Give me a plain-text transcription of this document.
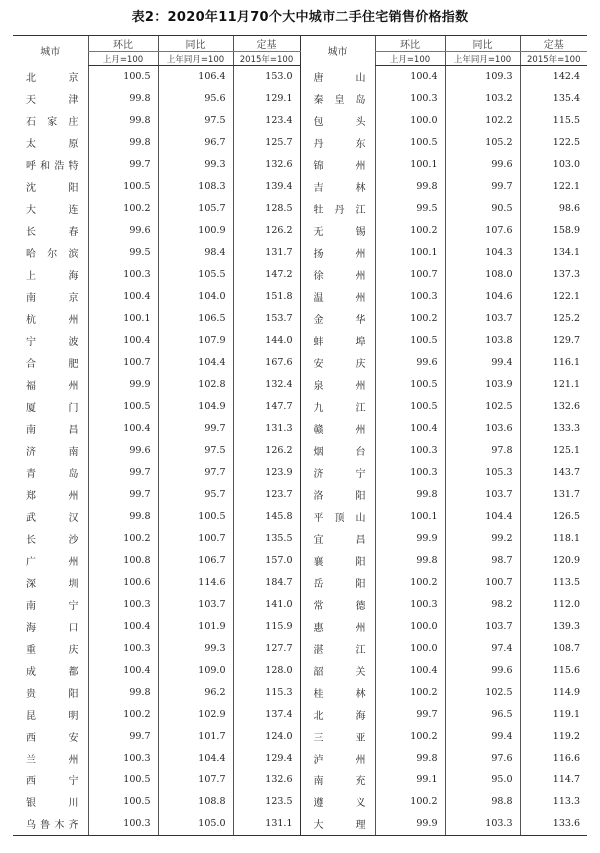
表2：2020年11月70个大中城市二手住宅销售价格指数
城市	环比	同比	定基	城市	环比	同比	定基
	上月=100	上年同月=100	2015年=100		上月=100	上年同月=100	2015年=100
北京	100.5	106.4	153.0	唐山	100.4	109.3	142.4
天津	99.8	95.6	129.1	秦皇岛	100.3	103.2	135.4
石家庄	99.8	97.5	123.4	包头	100.0	102.2	115.5
太原	99.8	96.7	125.7	丹东	100.5	105.2	122.5
呼和浩特	99.7	99.3	132.6	锦州	100.1	99.6	103.0
沈阳	100.5	108.3	139.4	吉林	99.8	99.7	122.1
大连	100.2	105.7	128.5	牡丹江	99.5	90.5	98.6
长春	99.6	100.9	126.2	无锡	100.2	107.6	158.9
哈尔滨	99.5	98.4	131.7	扬州	100.1	104.3	134.1
上海	100.3	105.5	147.2	徐州	100.7	108.0	137.3
南京	100.4	104.0	151.8	温州	100.3	104.6	122.1
杭州	100.1	106.5	153.7	金华	100.2	103.7	125.2
宁波	100.4	107.9	144.0	蚌埠	100.5	103.8	129.7
合肥	100.7	104.4	167.6	安庆	99.6	99.4	116.1
福州	99.9	102.8	132.4	泉州	100.5	103.9	121.1
厦门	100.5	104.9	147.7	九江	100.5	102.5	132.6
南昌	100.4	99.7	131.3	赣州	100.4	103.6	133.3
济南	99.6	97.5	126.2	烟台	100.3	97.8	125.1
青岛	99.7	97.7	123.9	济宁	100.3	105.3	143.7
郑州	99.7	95.7	123.7	洛阳	99.8	103.7	131.7
武汉	99.8	100.5	145.8	平顶山	100.1	104.4	126.5
长沙	100.2	100.7	135.5	宜昌	99.9	99.2	118.1
广州	100.8	106.7	157.0	襄阳	99.8	98.7	120.9
深圳	100.6	114.6	184.7	岳阳	100.2	100.7	113.5
南宁	100.3	103.7	141.0	常德	100.3	98.2	112.0
海口	100.4	101.9	115.9	惠州	100.0	103.7	139.3
重庆	100.3	99.3	127.7	湛江	100.0	97.4	108.7
成都	100.4	109.0	128.0	韶关	100.4	99.6	115.6
贵阳	99.8	96.2	115.3	桂林	100.2	102.5	114.9
昆明	100.2	102.9	137.4	北海	99.7	96.5	119.1
西安	99.7	101.7	124.0	三亚	100.2	99.4	119.2
兰州	100.3	104.4	129.4	泸州	99.8	97.6	116.6
西宁	100.5	107.7	132.6	南充	99.1	95.0	114.7
银川	100.5	108.8	123.5	遵义	100.2	98.8	113.3
乌鲁木齐	100.3	105.0	131.1	大理	99.9	103.3	133.6
